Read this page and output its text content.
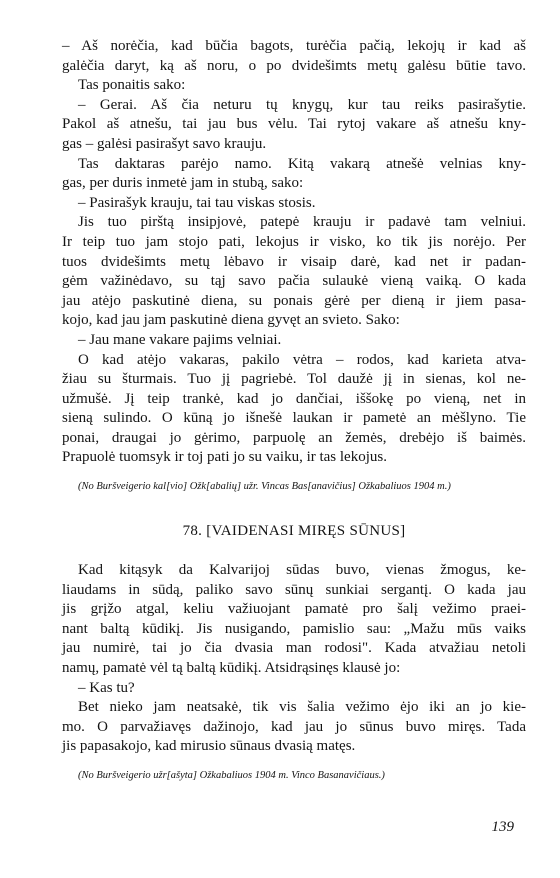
– Aš norėčia, kad būčia bagots, turėčia pačią, lekojų ir kad aš
galėčia daryt, ką aš noru, o po dvidešimts metų galėsu būtie tavo.
Tas ponaitis sako:
– Gerai. Aš čia neturu tų knygų, kur tau reiks pasirašytie.
Pakol aš atnešu, tai jau bus vėlu. Tai rytoj vakare aš atnešu kny-
gas – galėsi pasirašyt savo krauju.
Tas daktaras parėjo namo. Kitą vakarą atnešė velnias kny-
gas, per duris inmetė jam in stubą, sako:
– Pasirašyk krauju, tai tau viskas stosis.
Jis tuo pirštą insipjovė, patepė krauju ir padavė tam velniui.
Ir teip tuo jam stojo pati, lekojus ir visko, ko tik jis norėjo. Per
tuos dvidešimts metų lėbavo ir visaip darė, kad net ir padan-
gėm važinėdavo, su tąj savo pačia sulaukė vieną vaiką. O kada
jau atėjo paskutinė diena, su ponais gėrė per dieną ir jiem pasa-
kojo, kad jau jam paskutinė diena gyvęt an svieto. Sako:
– Jau mane vakare pajims velniai.
O kad atėjo vakaras, pakilo vėtra – rodos, kad karieta atva-
žiau su šturmais. Tuo jį pagriebė. Tol daužė jį in sienas, kol ne-
užmušė. Jį teip trankė, kad jo dančiai, iššokę po vieną, net in
sieną sulindo. O kūną jo išnešė laukan ir pametė an mėšlyno. Tie
ponai, draugai jo gėrimo, parpuolę an žemės, drebėjo iš baimės.
Prapuolė tuomsyk ir toj pati jo su vaiku, ir tas lekojus.
(No Buršveigerio kal[vio] Ožk[abalių] užr. Vincas Bas[anavičius] Ožkabaliuos 1904 m.)
78. [VAIDENASI MIRĘS SŪNUS]
Kad kitąsyk da Kalvarijoj sūdas buvo, vienas žmogus, ke-
liaudams in sūdą, paliko savo sūnų sunkiai sergantį. O kada jau
jis grįžo atgal, keliu važiuojant pamatė pro šalį vežimo praei-
nant baltą kūdikį. Jis nusigando, pamislio sau: „Mažu mūs vaiks
jau numirė, tai jo čia dvasia man rodosi". Kada atvažiau netoli
namų, pamatė vėl tą baltą kūdikį. Atsidrąsinęs klausė jo:
– Kas tu?
Bet nieko jam neatsakė, tik vis šalia vežimo ėjo iki an jo kie-
mo. O parvažiavęs dažinojo, kad jau jo sūnus buvo miręs. Tada
jis papasakojo, kad mirusio sūnaus dvasią matęs.
(No Buršveigerio užr[ašyta] Ožkabaliuos 1904 m. Vinco Basanavičiaus.)
139
